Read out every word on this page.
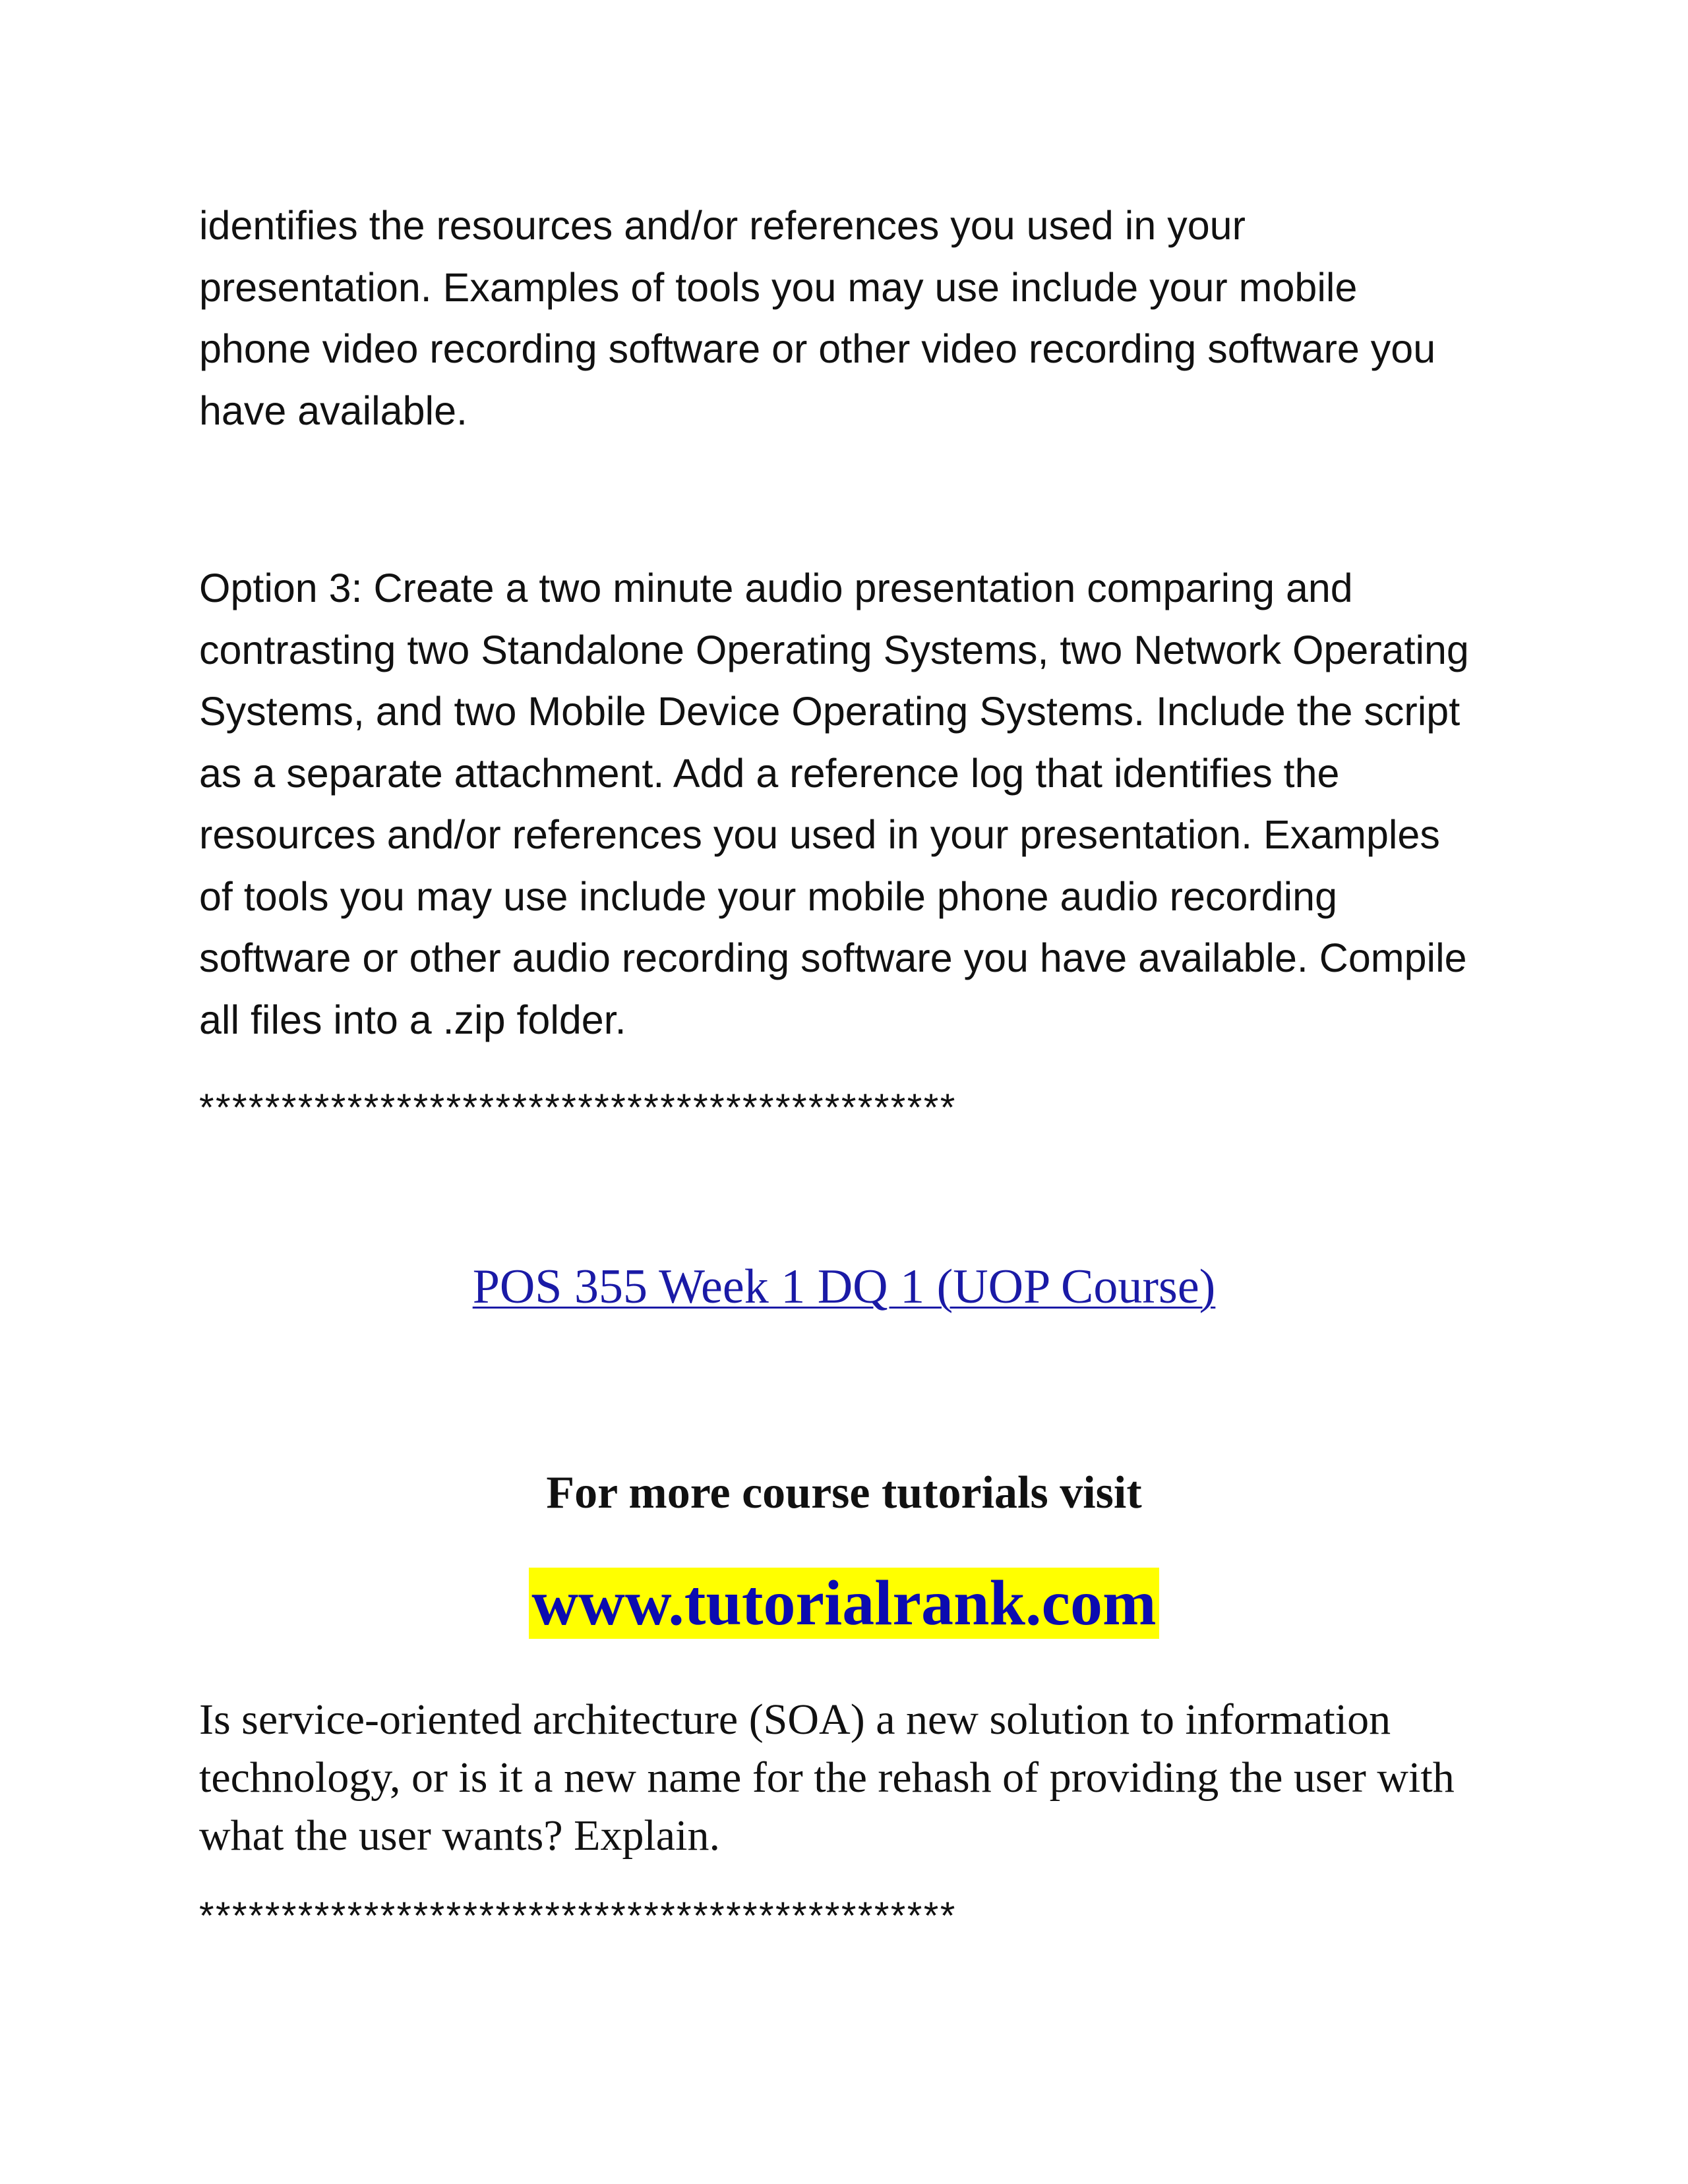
identifies the resources and/or references you used in your
presentation. Examples of tools you may use include your mobile
phone video recording software or other video recording software you
have available.
Option 3: Create a two minute audio presentation comparing and
contrasting two Standalone Operating Systems, two Network Operating
Systems, and two Mobile Device Operating Systems. Include the script
as a separate attachment. Add a reference log that identifies the
resources and/or references you used in your presentation. Examples
of tools you may use include your mobile phone audio recording
software or other audio recording software you have available. Compile
all files into a .zip folder.
**********************************************
POS 355 Week 1 DQ 1 (UOP Course)
For more course tutorials visit
www.tutorialrank.com
Is service-oriented architecture (SOA) a new solution to information
technology, or is it a new name for the rehash of providing the user with
what the user wants? Explain.
**********************************************
